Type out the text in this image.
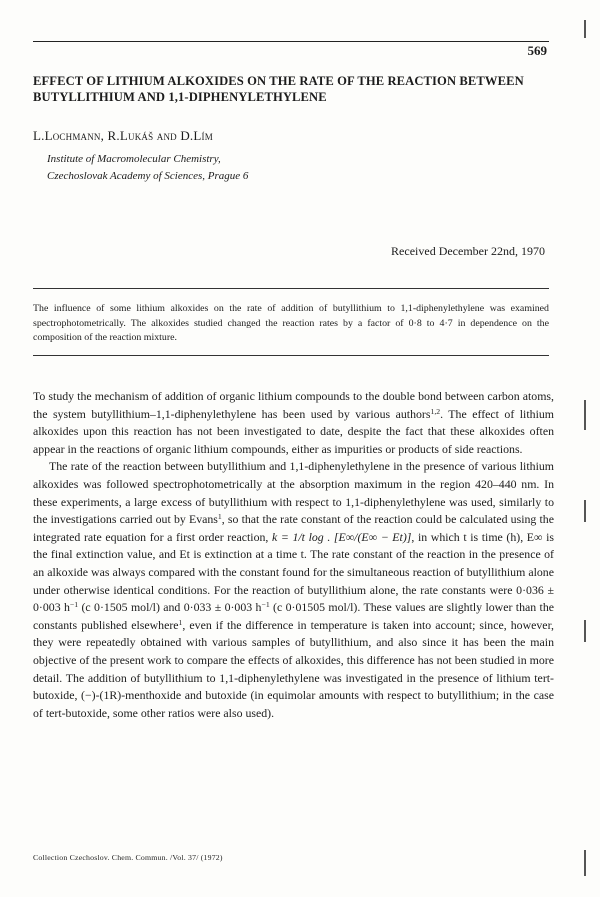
569
EFFECT OF LITHIUM ALKOXIDES ON THE RATE OF THE REACTION BETWEEN BUTYLLITHIUM AND 1,1-DIPHENYLETHYLENE
L.Lochmann, R.Lukáš and D.Lím
Institute of Macromolecular Chemistry,
Czechoslovak Academy of Sciences, Prague 6
Received December 22nd, 1970
The influence of some lithium alkoxides on the rate of addition of butyllithium to 1,1-diphenylethylene was examined spectrophotometrically. The alkoxides studied changed the reaction rates by a factor of 0·8 to 4·7 in dependence on the composition of the reaction mixture.

To study the mechanism of addition of organic lithium compounds to the double bond between carbon atoms, the system butyllithium–1,1-diphenylethylene has been used by various authors$^{1,2}$. The effect of lithium alkoxides upon this reaction has not been investigated to date, despite the fact that these alkoxides often appear in the reactions of organic lithium compounds, either as impurities or products of side reactions.

The rate of the reaction between butyllithium and 1,1-diphenylethylene in the presence of various lithium alkoxides was followed spectrophotometrically at the absorption maximum in the region 420–440 nm. In these experiments, a large excess of butyllithium with respect to 1,1-diphenylethylene was used, similarly to the investigations carried out by Evans$^1$, so that the rate constant of the reaction could be calculated using the integrated rate equation for a first order reaction, k = 1/t log . [E∞/(E∞ − Et)], in which t is time (h), E∞ is the final extinction value, and Et is extinction at a time t. The rate constant of the reaction in the presence of an alkoxide was always compared with the constant found for the simultaneous reaction of butyllithium alone under otherwise identical conditions. For the reaction of butyllithium alone, the rate constants were 0·036 ± 0·003 $h^{-1}$ (c 0·1505 mol/l) and 0·033 ± 0·003 $h^{-1}$ (c 0·01505 mol/l). These values are slightly lower than the constants published elsewhere$^1$, even if the difference in temperature is taken into account; since, however, they were repeatedly obtained with various samples of butyllithium, and also since it has been the main objective of the present work to compare the effects of alkoxides, this difference has not been studied in more detail. The addition of butyllithium to 1,1-diphenylethylene was investigated in the presence of lithium tert-butoxide, (−)-(1R)-menthoxide and butoxide (in equimolar amounts with respect to butyllithium; in the case of tert-butoxide, some other ratios were also used).

Collection Czechoslov. Chem. Commun. /Vol. 37/ (1972)
